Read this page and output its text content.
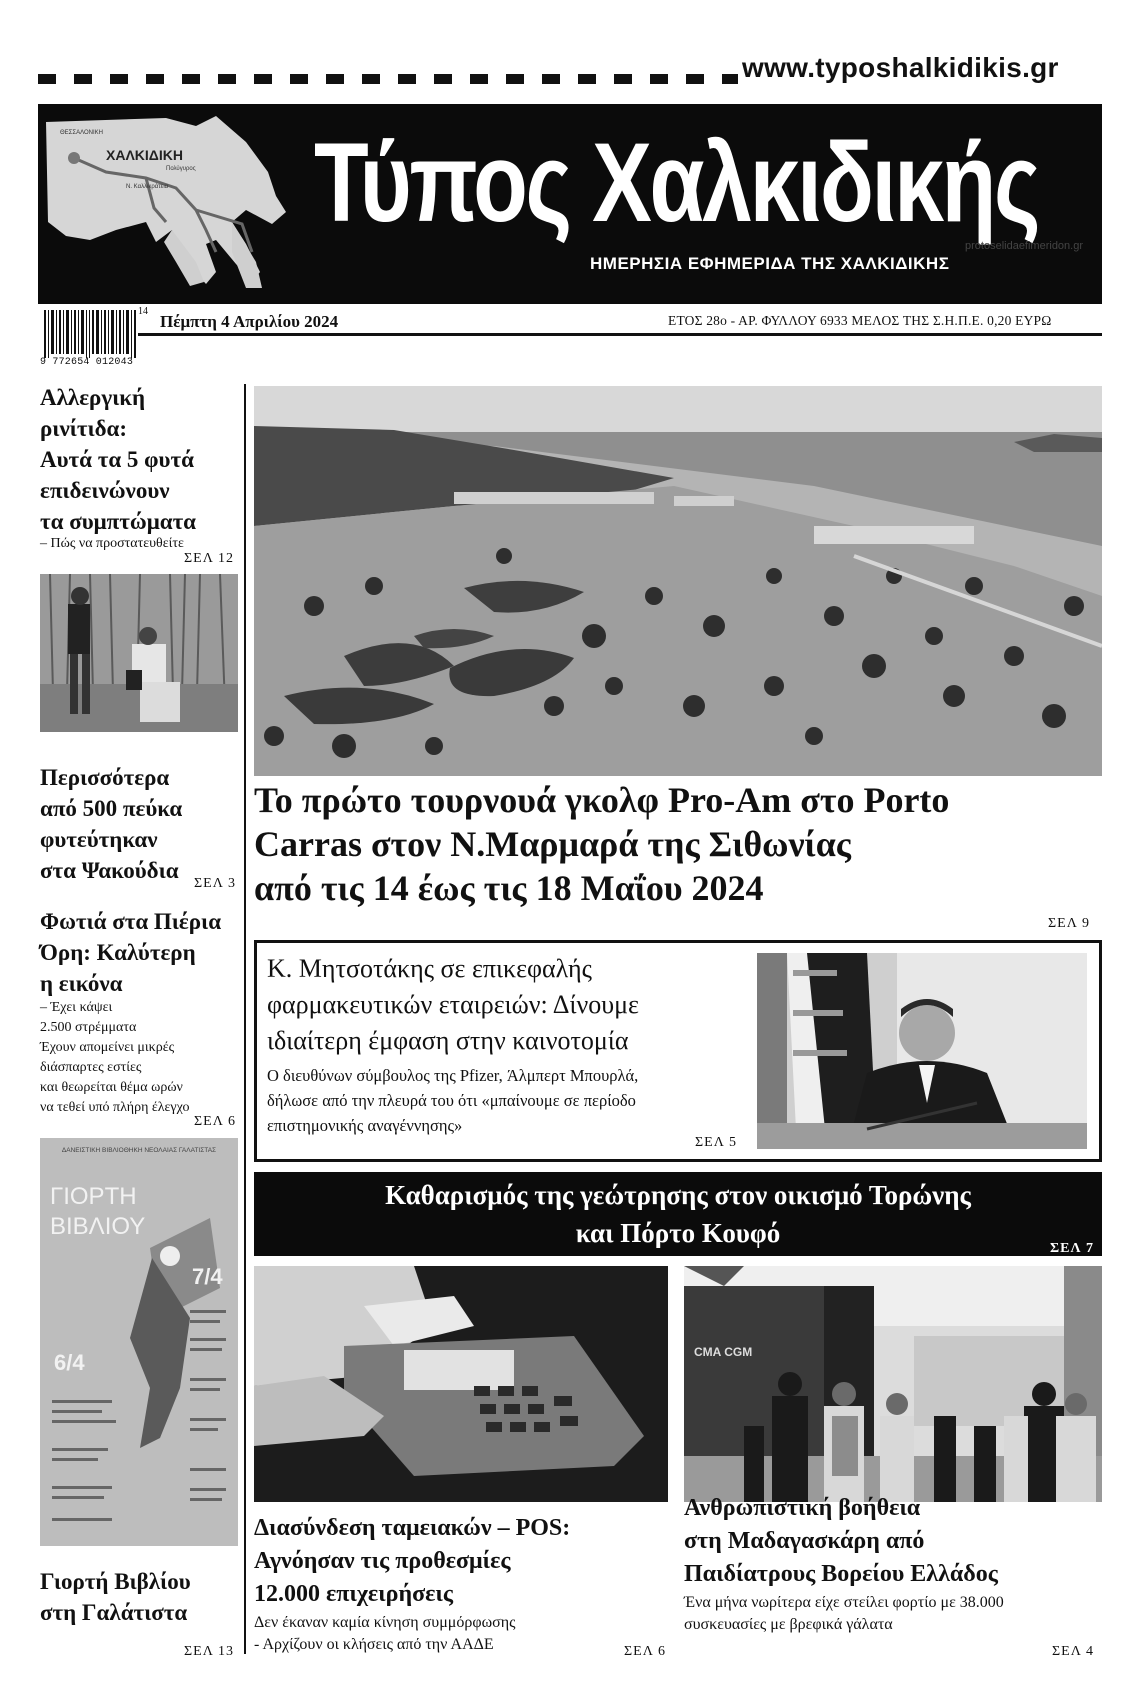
www.typoshalkidikis.gr
ΧΑΛΚΙΔΙΚΗ
ΘΕΣΣΑΛΟΝΙΚΗ
Ν. Καλλικράτεια
Πολύγυρος Τύπος Χαλκιδικής
ΗΜΕΡΗΣΙΑ ΕΦΗΜΕΡΙΔΑ ΤΗΣ ΧΑΛΚΙΔΙΚΗΣ
protoselidaefimeridon.gr
9 772654 012043
14
Πέμπτη 4 Απριλίου 2024	ΕΤΟΣ 28ο - ΑΡ. ΦΥΛΛΟΥ 6933 ΜΕΛΟΣ ΤΗΣ Σ.Η.Π.Ε. 0,20 ΕΥΡΩ
Αλλεργική
ρινίτιδα:
Αυτά τα 5 φυτά
επιδεινώνουν
τα συμπτώματα
– Πώς να προστατευθείτε
ΣΕΛ 12
Περισσότερα
από 500 πεύκα
φυτεύτηκαν
στα Ψακούδια
ΣΕΛ 3
Φωτιά στα Πιέρια
Όρη: Καλύτερη
η εικόνα
– Έχει κάψει
2.500 στρέμματα
Έχουν απομείνει μικρές
διάσπαρτες εστίες
και θεωρείται θέμα ωρών
να τεθεί υπό πλήρη έλεγχο
ΣΕΛ 6
ΔΑΝΕΙΣΤΙΚΗ ΒΙΒΛΙΟΘΗΚΗ ΝΕΟΛΑΙΑΣ ΓΑΛΑΤΙΣΤΑΣ
ΓΙΟΡΤΗ
ΒΙΒΛΙΟΥ
6/4
7/4
Γιορτή Βιβλίου
στη Γαλάτιστα
ΣΕΛ 13
Το πρώτο τουρνουά γκολφ Pro-Am στο Porto
Carras στον Ν.Μαρμαρά της Σιθωνίας
από τις 14 έως τις 18 Μαΐου 2024
ΣΕΛ 9
Κ. Μητσοτάκης σε επικεφαλής
φαρμακευτικών εταιρειών: Δίνουμε
ιδιαίτερη έμφαση στην καινοτομία
Ο διευθύνων σύμβουλος της Pfizer, Άλμπερτ Μπουρλά,
δήλωσε από την πλευρά του ότι «μπαίνουμε σε περίοδο
επιστημονικής αναγέννησης»
ΣΕΛ 5
Καθαρισμός της γεώτρησης στον οικισμό Τορώνης
και Πόρτο Κουφό
ΣΕΛ 7
Διασύνδεση ταμειακών – POS:
Αγνόησαν τις προθεσμίες
12.000 επιχειρήσεις
Δεν έκαναν καμία κίνηση συμμόρφωσης
- Αρχίζουν οι κλήσεις από την ΑΑΔΕ	ΣΕΛ 6
CMA CGM
Ανθρωπιστική βοήθεια
στη Μαδαγασκάρη από
Παιδίατρους Βορείου Ελλάδος
Ένα μήνα νωρίτερα είχε στείλει φορτίο με 38.000
συσκευασίες με βρεφικά γάλατα
ΣΕΛ 4
